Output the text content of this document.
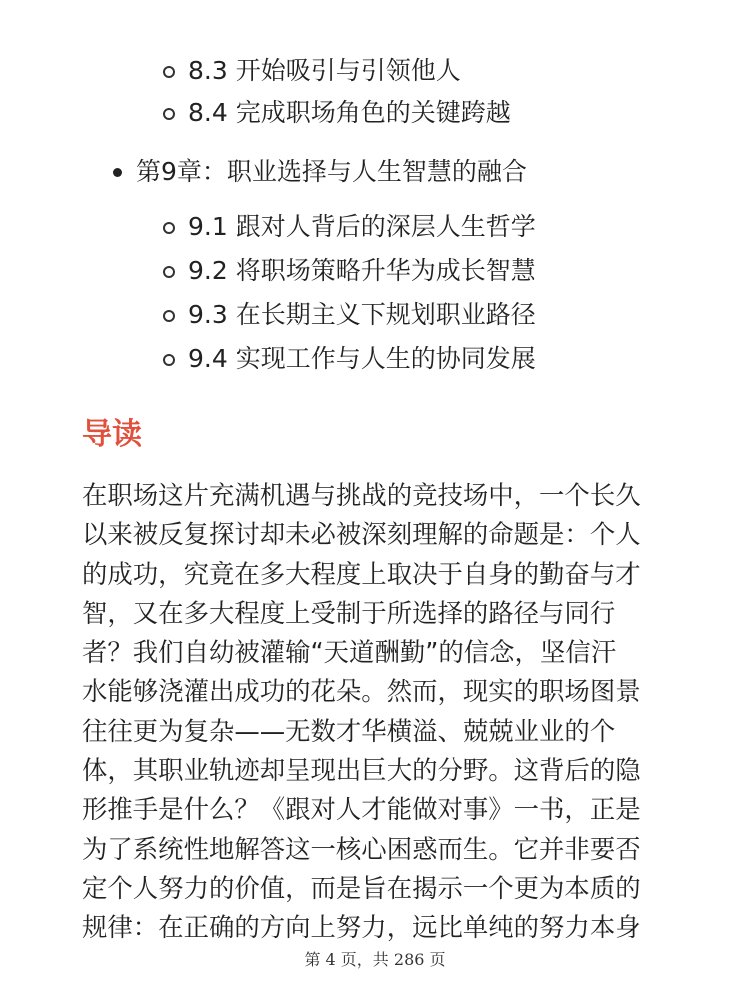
8.3 开始吸引与引领他人
8.4 完成职场角色的关键跨越
第9章：职业选择与人生智慧的融合
9.1 跟对人背后的深层人生哲学
9.2 将职场策略升华为成长智慧
9.3 在长期主义下规划职业路径
9.4 实现工作与人生的协同发展
导读
在职场这片充满机遇与挑战的竞技场中，一个长久
以来被反复探讨却未必被深刻理解的命题是：个人
的成功，究竟在多大程度上取决于自身的勤奋与才
智，又在多大程度上受制于所选择的路径与同行
者？我们自幼被灌输“天道酬勤”的信念，坚信汗
水能够浇灌出成功的花朵。然而，现实的职场图景
往往更为复杂——无数才华横溢、兢兢业业的个
体，其职业轨迹却呈现出巨大的分野。这背后的隐
形推手是什么？《跟对人才能做对事》一书，正是
为了系统性地解答这一核心困惑而生。它并非要否
定个人努力的价值，而是旨在揭示一个更为本质的
规律：在正确的方向上努力，远比单纯的努力本身
第 4 页，共 286 页
